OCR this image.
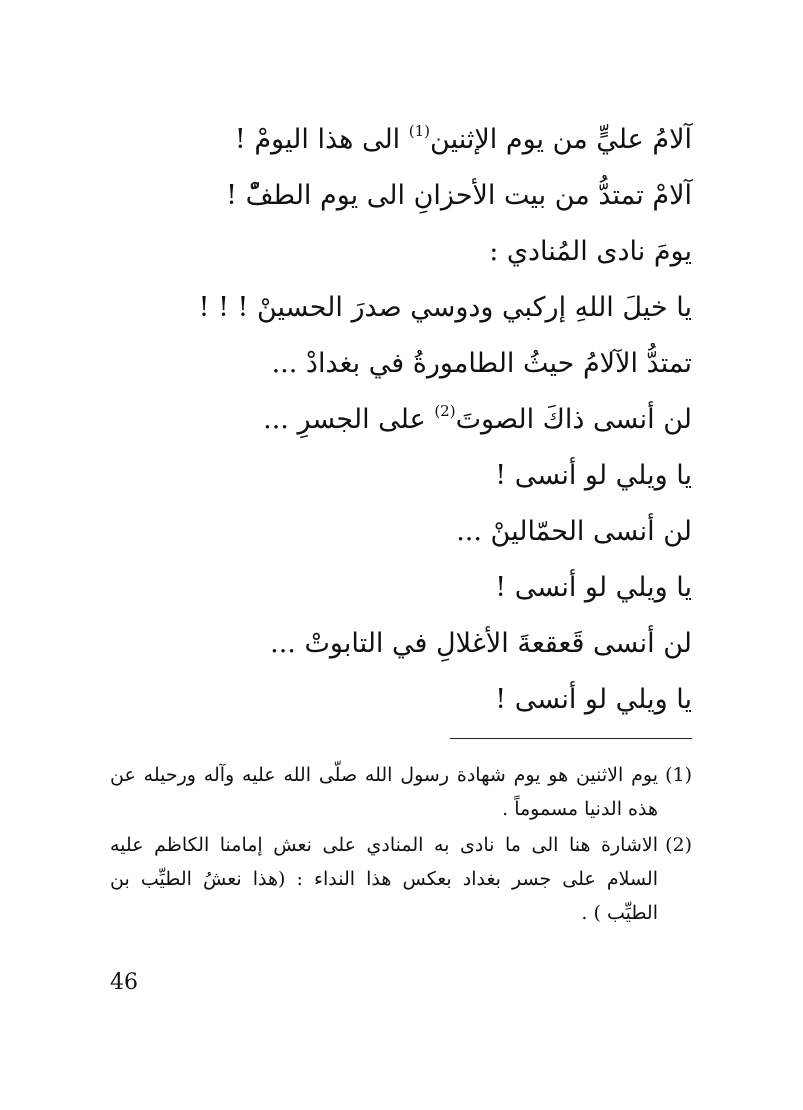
آلامُ عليٍّ من يوم الإثنين$^{(1)}$ الى هذا اليومْ !
آلامْ تمتدُّ من بيت الأحزانِ الى يوم الطفّْ !
يومَ نادى المُنادي :
يا خيلَ اللهِ إركبي ودوسي صدرَ الحسينْ ! ! !
تمتدُّ الآلامُ حيثُ الطامورةُ في بغدادْ ...
لن أنسى ذاكَ الصوتَ$^{(2)}$ على الجسرِ ...
يا ويلي لو أنسى !
لن أنسى الحمّالينْ ...
يا ويلي لو أنسى !
لن أنسى قَعقعةَ الأغلالِ في التابوتْ ...
يا ويلي لو أنسى !
(1)
يوم الاثنين هو يوم شهادة رسول الله صلّى الله عليه وآله ورحيله عن هذه الدنيا مسموماً .
(2)
الاشارة هنا الى ما نادى به المنادي على نعش إمامنا الكاظم عليه السلام على جسر بغداد بعكس هذا النداء : (هذا نعشُ الطيِّب بن الطيِّب ) .
46
